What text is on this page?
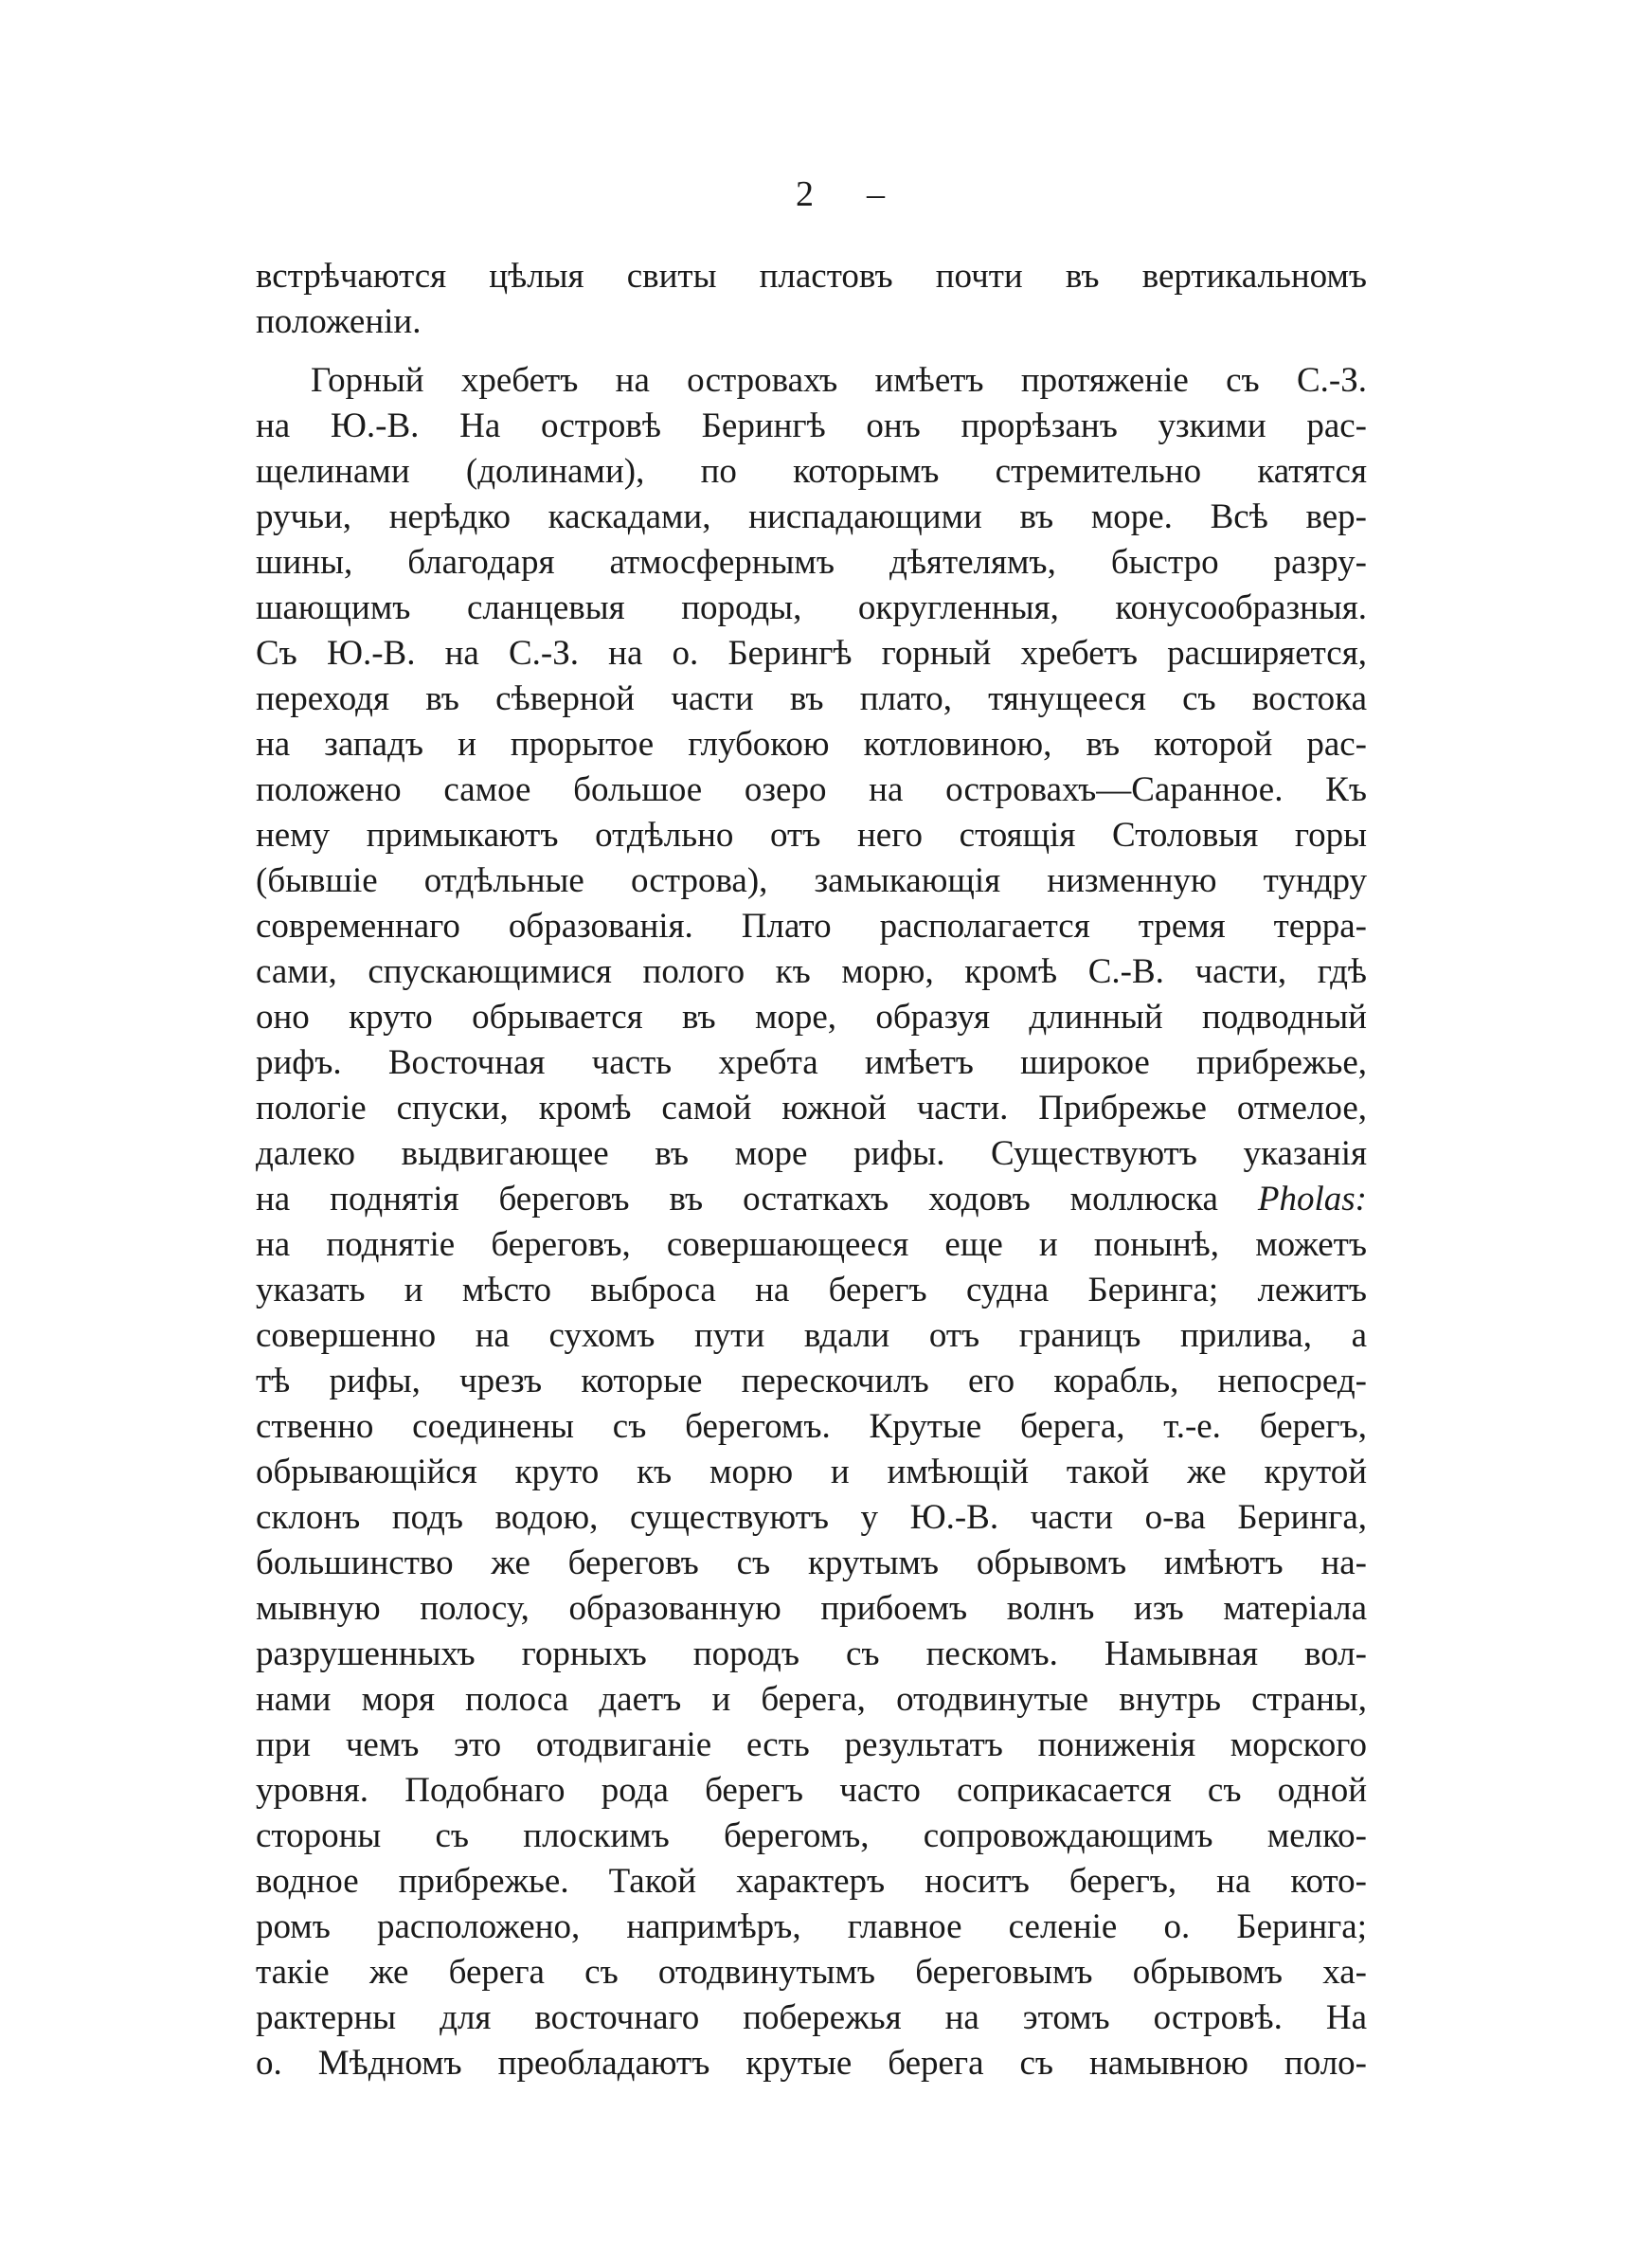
2 –
встрѣчаются цѣлыя свиты пластовъ почти въ вертикальномъ
положеніи.
Горный хребетъ на островахъ имѣетъ протяженіе съ С.-З.
на Ю.-В. На островѣ Берингѣ онъ прорѣзанъ узкими рас-
щелинами (долинами), по которымъ стремительно катятся
ручьи, нерѣдко каскадами, ниспадающими въ море. Всѣ вер-
шины, благодаря атмосфернымъ дѣятелямъ, быстро разру-
шающимъ сланцевыя породы, округленныя, конусообразныя.
Съ Ю.-В. на С.-З. на о. Берингѣ горный хребетъ расширяется,
переходя въ сѣверной части въ плато, тянущееся съ востока
на западъ и прорытое глубокою котловиною, въ которой рас-
положено самое большое озеро на островахъ—Саранное. Къ
нему примыкаютъ отдѣльно отъ него стоящія Столовыя горы
(бывшіе отдѣльные острова), замыкающія низменную тундру
современнаго образованія. Плато располагается тремя терра-
сами, спускающимися полого къ морю, кромѣ С.-В. части, гдѣ
оно круто обрывается въ море, образуя длинный подводный
рифъ. Восточная часть хребта имѣетъ широкое прибрежье,
пологіе спуски, кромѣ самой южной части. Прибрежье отмелое,
далеко выдвигающее въ море рифы. Существуютъ указанія
на поднятія береговъ въ остаткахъ ходовъ моллюска Pholas:
на поднятіе береговъ, совершающееся еще и понынѣ, можетъ
указать и мѣсто выброса на берегъ судна Беринга; лежитъ
совершенно на сухомъ пути вдали отъ границъ прилива, а
тѣ рифы, чрезъ которые перескочилъ его корабль, непосред-
ственно соединены съ берегомъ. Крутые берега, т.-е. берегъ,
обрывающійся круто къ морю и имѣющій такой же крутой
склонъ подъ водою, существуютъ у Ю.-В. части о-ва Беринга,
большинство же береговъ съ крутымъ обрывомъ имѣютъ на-
мывную полосу, образованную прибоемъ волнъ изъ матеріала
разрушенныхъ горныхъ породъ съ пескомъ. Намывная вол-
нами моря полоса даетъ и берега, отодвинутые внутрь страны,
при чемъ это отодвиганіе есть результатъ пониженія морского
уровня. Подобнаго рода берегъ часто соприкасается съ одной
стороны съ плоскимъ берегомъ, сопровождающимъ мелко-
водное прибрежье. Такой характеръ носитъ берегъ, на кото-
ромъ расположено, напримѣръ, главное селеніе о. Беринга;
такіе же берега съ отодвинутымъ береговымъ обрывомъ ха-
рактерны для восточнаго побережья на этомъ островѣ. На
о. Мѣдномъ преобладаютъ крутые берега съ намывною поло-
